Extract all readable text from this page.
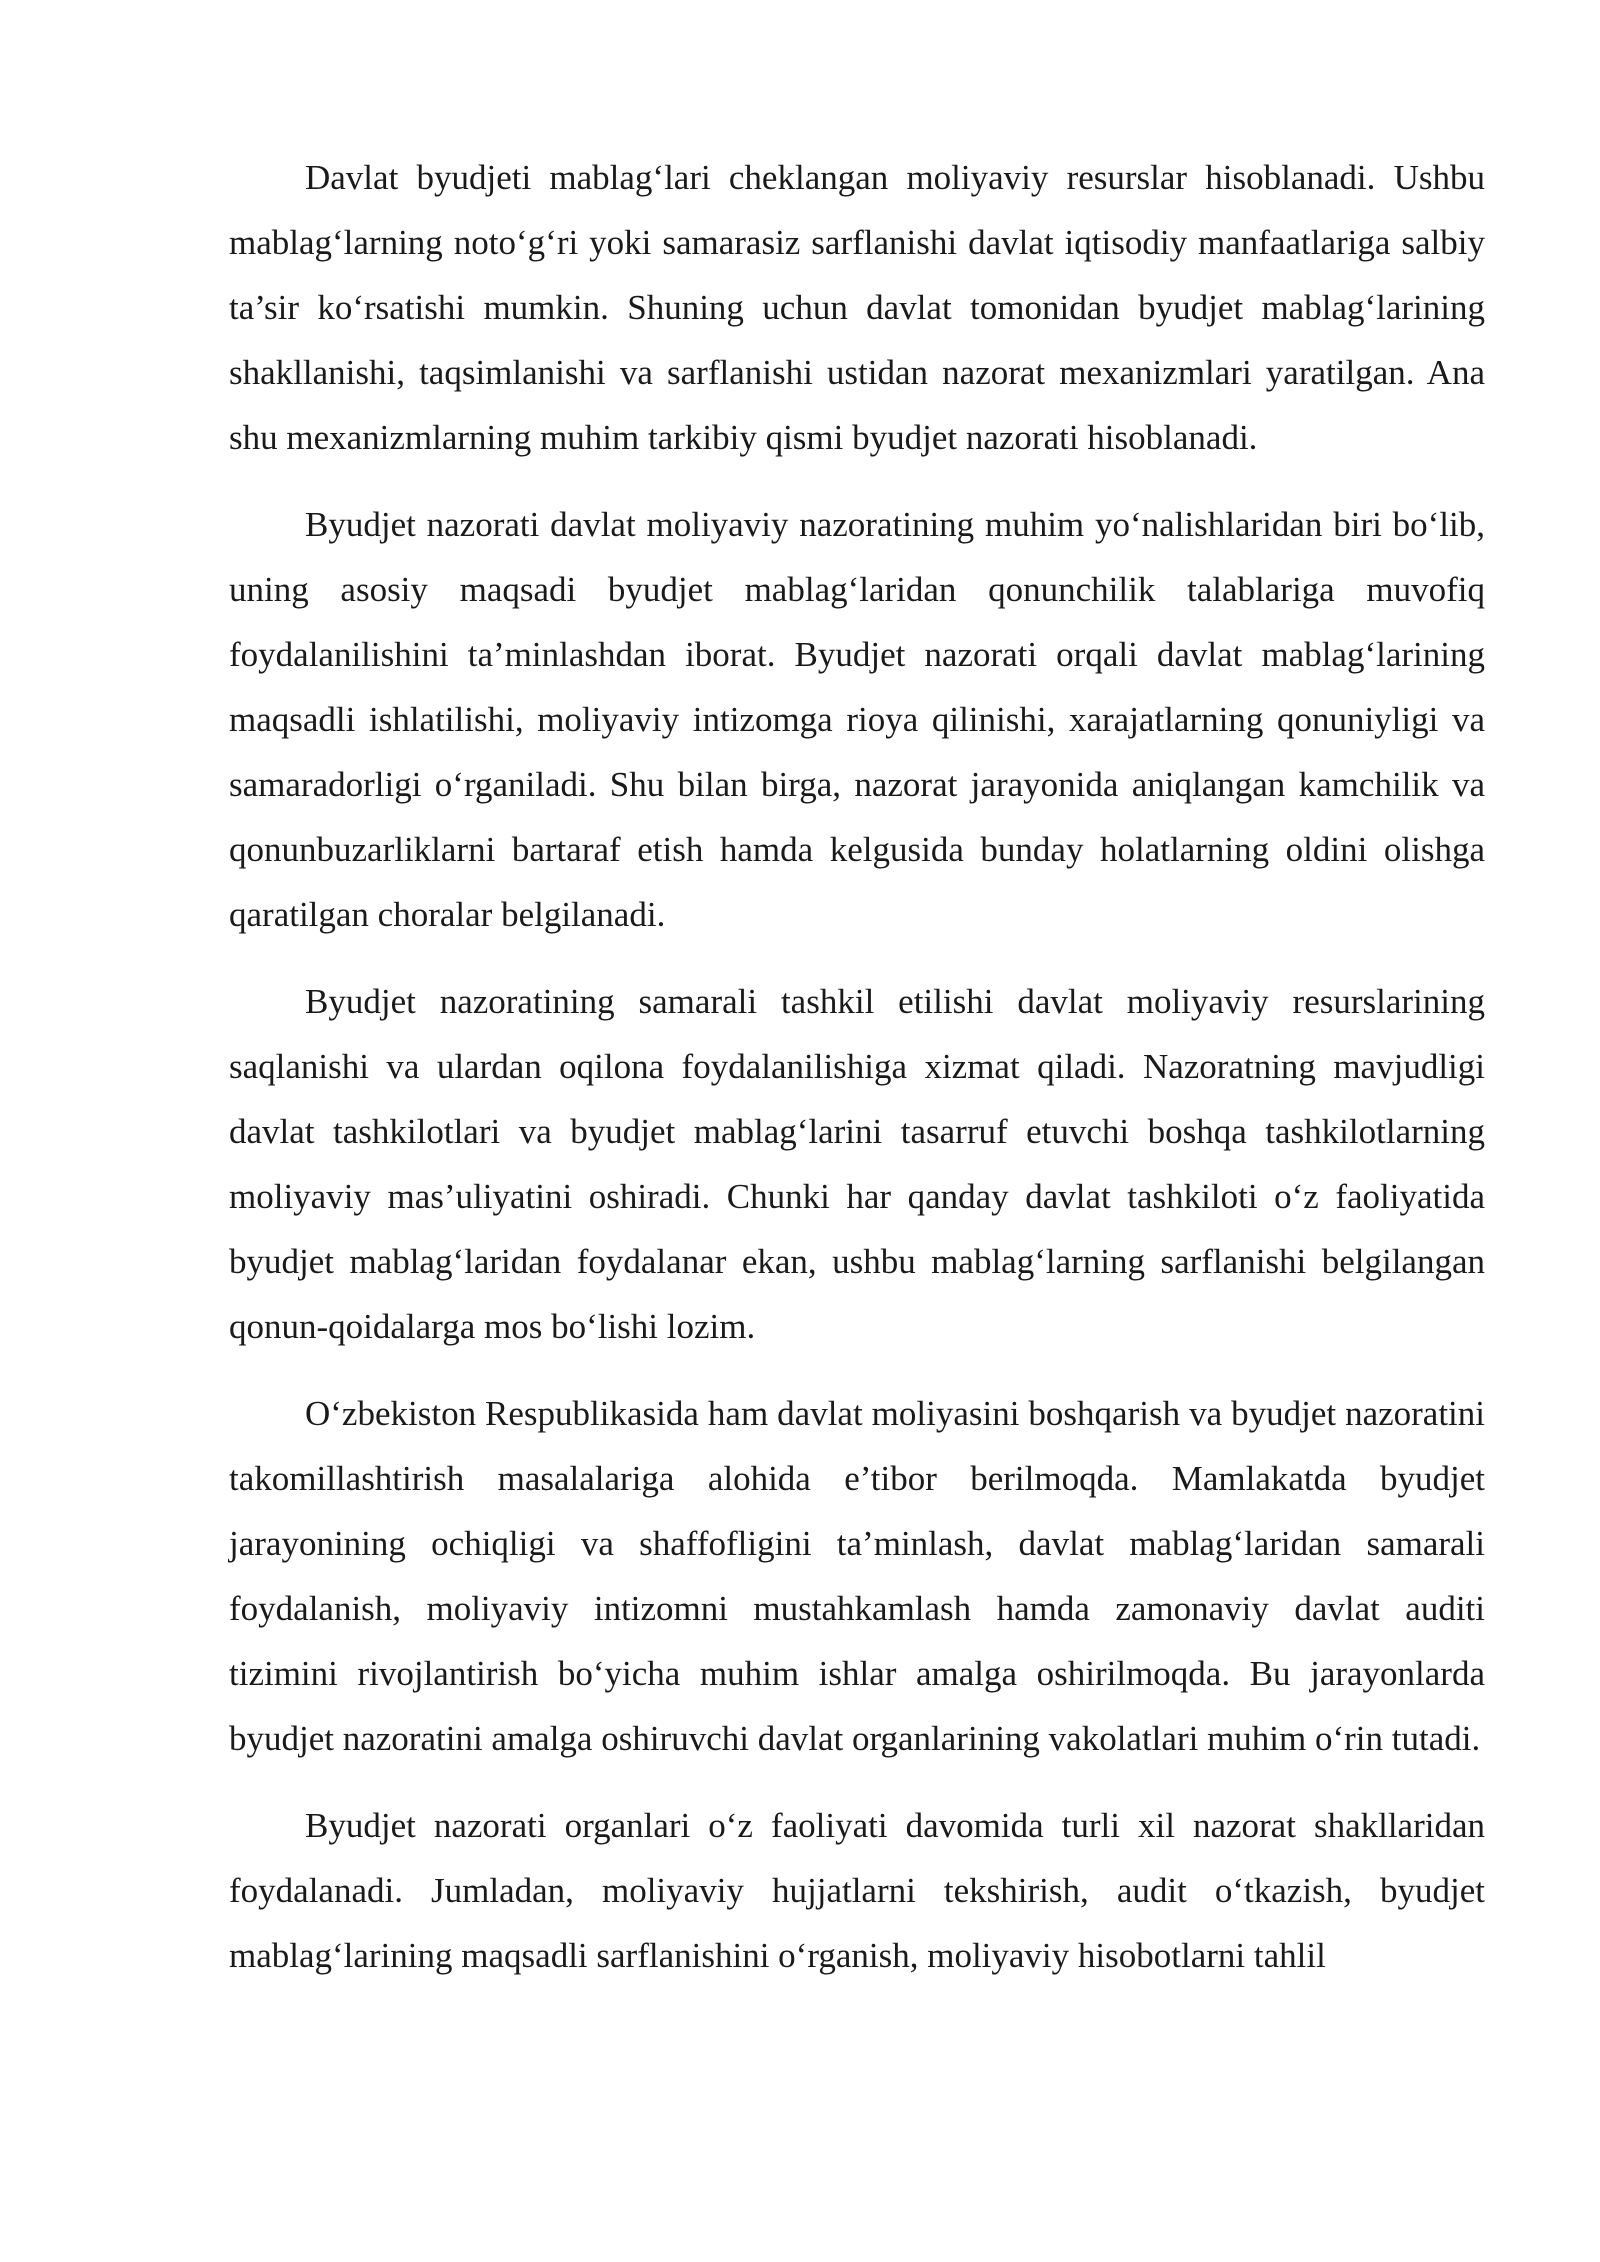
Davlat byudjeti mablag‘lari cheklangan moliyaviy resurslar hisoblanadi. Ushbu mablag‘larning noto‘g‘ri yoki samarasiz sarflanishi davlat iqtisodiy manfaatlariga salbiy ta’sir ko‘rsatishi mumkin. Shuning uchun davlat tomonidan byudjet mablag‘larining shakllanishi, taqsimlanishi va sarflanishi ustidan nazorat mexanizmlari yaratilgan. Ana shu mexanizmlarning muhim tarkibiy qismi byudjet nazorati hisoblanadi.

Byudjet nazorati davlat moliyaviy nazoratining muhim yo‘nalishlaridan biri bo‘lib, uning asosiy maqsadi byudjet mablag‘laridan qonunchilik talablariga muvofiq foydalanilishini ta’minlashdan iborat. Byudjet nazorati orqali davlat mablag‘larining maqsadli ishlatilishi, moliyaviy intizomga rioya qilinishi, xarajatlarning qonuniyligi va samaradorligi o‘rganiladi. Shu bilan birga, nazorat jarayonida aniqlangan kamchilik va qonunbuzarliklarni bartaraf etish hamda kelgusida bunday holatlarning oldini olishga qaratilgan choralar belgilanadi.

Byudjet nazoratining samarali tashkil etilishi davlat moliyaviy resurslarining saqlanishi va ulardan oqilona foydalanilishiga xizmat qiladi. Nazoratning mavjudligi davlat tashkilotlari va byudjet mablag‘larini tasarruf etuvchi boshqa tashkilotlarning moliyaviy mas’uliyatini oshiradi. Chunki har qanday davlat tashkiloti o‘z faoliyatida byudjet mablag‘laridan foydalanar ekan, ushbu mablag‘larning sarflanishi belgilangan qonun-qoidalarga mos bo‘lishi lozim.

O‘zbekiston Respublikasida ham davlat moliyasini boshqarish va byudjet nazoratini takomillashtirish masalalariga alohida e’tibor berilmoqda. Mamlakatda byudjet jarayonining ochiqligi va shaffofligini ta’minlash, davlat mablag‘laridan samarali foydalanish, moliyaviy intizomni mustahkamlash hamda zamonaviy davlat auditi tizimini rivojlantirish bo‘yicha muhim ishlar amalga oshirilmoqda. Bu jarayonlarda byudjet nazoratini amalga oshiruvchi davlat organlarining vakolatlari muhim o‘rin tutadi.

Byudjet nazorati organlari o‘z faoliyati davomida turli xil nazorat shakllaridan foydalanadi. Jumladan, moliyaviy hujjatlarni tekshirish, audit o‘tkazish, byudjet mablag‘larining maqsadli sarflanishini o‘rganish, moliyaviy hisobotlarni tahlil
